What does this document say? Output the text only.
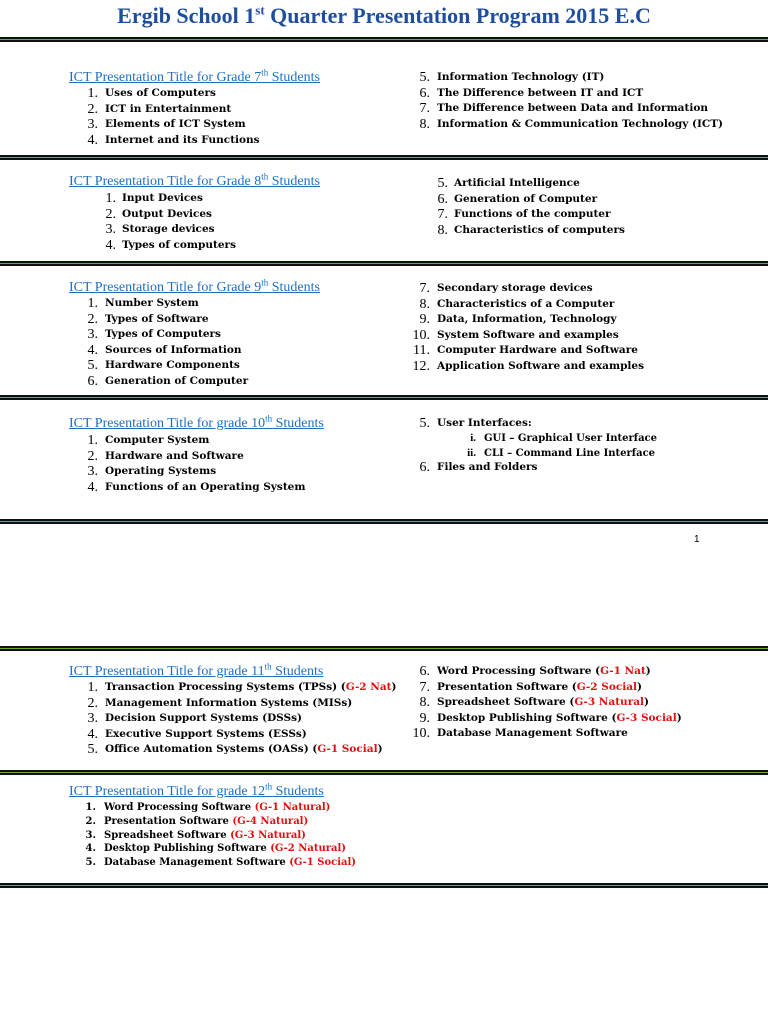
Ergib School 1st Quarter Presentation Program 2015 E.C
ICT Presentation Title for Grade 7th Students
1. Uses of Computers

2. ICT in Entertainment

3. Elements of ICT System

4. Internet and its Functions

5. Information Technology (IT)

6. The Difference between IT and ICT

7. The Difference between Data and Information

8. Information & Communication Technology (ICT)

ICT Presentation Title for Grade 8th Students
1. Input Devices

2. Output Devices

3. Storage devices

4. Types of computers

5. Artificial Intelligence

6. Generation of Computer

7. Functions of the computer

8. Characteristics of computers

ICT Presentation Title for Grade 9th Students
1. Number System

2. Types of Software

3. Types of Computers

4. Sources of Information

5. Hardware Components

6. Generation of Computer

7. Secondary storage devices

8. Characteristics of a Computer

9. Data, Information, Technology

10. System Software and examples

11. Computer Hardware and Software

12. Application Software and examples

ICT Presentation Title for grade 10th Students
1. Computer System

2. Hardware and Software

3. Operating Systems

4. Functions of an Operating System

5. User Interfaces:

i. GUI – Graphical User Interface
ii. CLI – Command Line Interface
6. Files and Folders

1
ICT Presentation Title for grade 11th Students
1. Transaction Processing Systems (TPSs) (G-2 Nat)

2. Management Information Systems (MISs)

3. Decision Support Systems (DSSs)

4. Executive Support Systems (ESSs)

5. Office Automation Systems (OASs) (G-1 Social)

6. Word Processing Software (G-1 Nat)

7. Presentation Software (G-2 Social)

8. Spreadsheet Software (G-3 Natural)

9. Desktop Publishing Software (G-3 Social)

10. Database Management Software

ICT Presentation Title for grade 12th Students
1. Word Processing Software (G-1 Natural)
2. Presentation Software (G-4 Natural)
3. Spreadsheet Software (G-3 Natural)
4. Desktop Publishing Software (G-2 Natural)
5. Database Management Software (G-1 Social)
